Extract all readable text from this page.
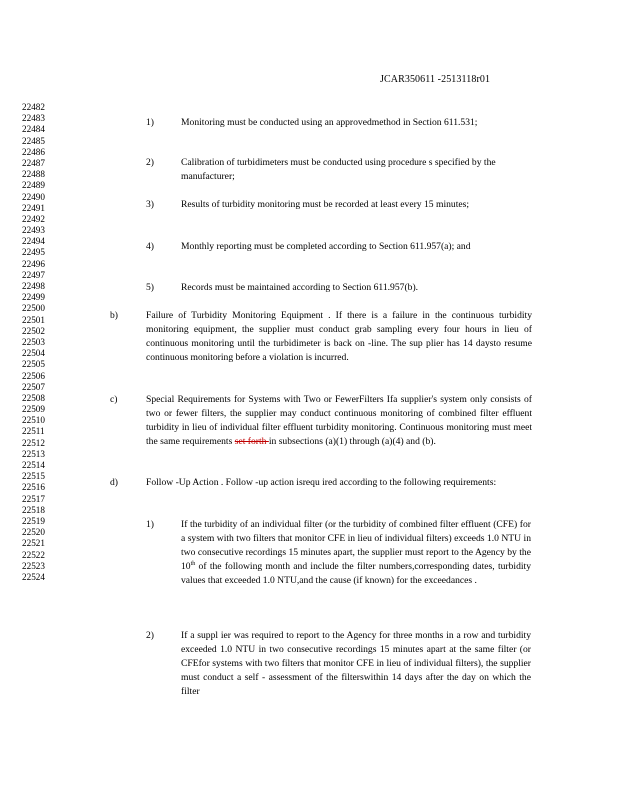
JCAR350611 -2513118r01
22482
22483
22484
22485
22486
22487
22488
22489
22490
22491
22492
22493
22494
22495
22496
22497
22498
22499
22500
22501
22502
22503
22504
22505
22506
22507
22508
22509
22510
22511
22512
22513
22514
22515
22516
22517
22518
22519
22520
22521
22522
22523
22524
1)	Monitoring must be conducted using an approvedmethod in Section 611.531;
2)	Calibration of turbidimeters must be conducted using procedure s specified by the manufacturer;
3)	Results of turbidity monitoring must be recorded at least every 15 minutes;
4)	Monthly reporting must be completed according to Section 611.957(a); and
5)	Records must be maintained according to Section 611.957(b).
b)	Failure of Turbidity Monitoring Equipment . If there is a failure in the continuous turbidity monitoring equipment, the supplier must conduct grab sampling every four hours in lieu of continuous monitoring until the turbidimeter is back on -line. The sup plier has 14 daysto resume continuous monitoring before a violation is incurred.
c)	Special Requirements for Systems with Two or FewerFilters Ifa supplier's system only consists of two or fewer filters, the supplier may conduct continuous monitoring of combined filter effluent turbidity in lieu of individual filter effluent turbidity monitoring. Continuous monitoring must meet the same requirements set forth in subsections (a)(1) through (a)(4) and (b).
d)	Follow -Up Action . Follow -up action isrequ ired according to the following requirements:
1)	If the turbidity of an individual filter (or the turbidity of combined filter effluent (CFE) for a system with two filters that monitor CFE in lieu of individual filters) exceeds 1.0 NTU in two consecutive recordings 15 minutes apart, the supplier must report to the Agency by the 10th of the following month and include the filter numbers,corresponding dates, turbidity values that exceeded 1.0 NTU,and the cause (if known) for the exceedances .
2)	If a suppl ier was required to report to the Agency for three months in a row and turbidity exceeded 1.0 NTU in two consecutive recordings 15 minutes apart at the same filter (or CFEfor systems with two filters that monitor CFE in lieu of individual filters), the supplier must conduct a self - assessment of the filterswithin 14 days after the day on which the filter
